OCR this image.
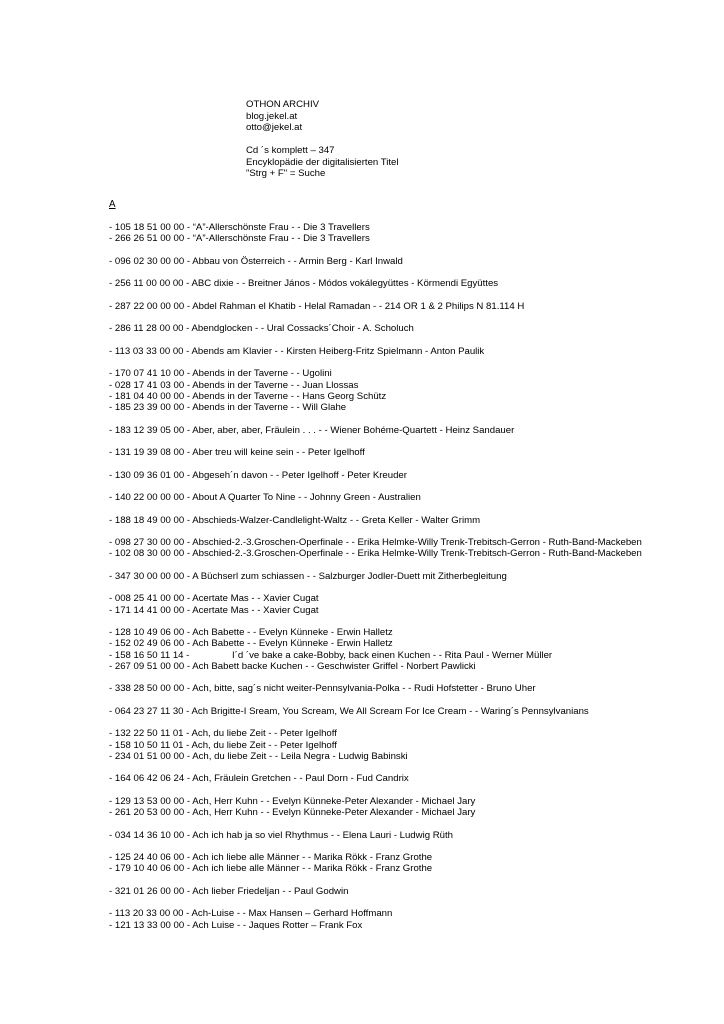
OTHON ARCHIV
blog.jekel.at
otto@jekel.at
Cd ´s komplett – 347
Encyklopädie der digitalisierten Titel
"Strg + F" = Suche
A
- 105 18 51 00 00 - “A”-Allerschönste Frau - - Die 3 Travellers
- 266 26 51 00 00 - “A”-Allerschönste Frau - - Die 3 Travellers
- 096 02 30 00 00 - Abbau von Österreich - - Armin Berg - Karl Inwald
- 256 11 00 00 00 - ABC dixie - - Breitner János - Módos vokálegyüttes - Körmendi Együttes
- 287 22 00 00 00 - Abdel Rahman el Khatib - Helal Ramadan - - 214 OR 1 & 2 Philips N 81.114 H
- 286 11 28 00 00 - Abendglocken - - Ural Cossacks´Choir - A. Scholuch
- 113 03 33 00 00 - Abends am Klavier - - Kirsten Heiberg-Fritz Spielmann - Anton Paulik
- 170 07 41 10 00 - Abends in der Taverne - - Ugolini
- 028 17 41 03 00 - Abends in der Taverne - - Juan Llossas
- 181 04 40 00 00 - Abends in der Taverne - - Hans Georg Schütz
- 185 23 39 00 00 - Abends in der Taverne - - Will Glahe
- 183 12 39 05 00 - Aber, aber, aber, Fräulein . . . - - Wiener Bohéme-Quartett - Heinz Sandauer
- 131 19 39 08 00 - Aber treu will keine sein - - Peter Igelhoff
- 130 09 36 01 00 - Abgeseh´n davon - - Peter Igelhoff - Peter Kreuder
- 140 22 00 00 00 - About A Quarter To Nine - - Johnny Green - Australien
- 188 18 49 00 00 - Abschieds-Walzer-Candlelight-Waltz - - Greta Keller - Walter Grimm
- 098 27 30 00 00 - Abschied-2.-3.Groschen-Operfinale - - Erika Helmke-Willy Trenk-Trebitsch-Gerron - Ruth-Band-Mackeben
- 102 08 30 00 00 - Abschied-2.-3.Groschen-Operfinale - - Erika Helmke-Willy Trenk-Trebitsch-Gerron - Ruth-Band-Mackeben
- 347 30 00 00 00 - A Büchserl zum schiassen - - Salzburger Jodler-Duett mit Zitherbegleitung
- 008 25 41 00 00 - Acertate Mas - - Xavier Cugat
- 171 14 41 00 00 - Acertate Mas - - Xavier Cugat
- 128 10 49 06 00 - Ach Babette - - Evelyn Künneke - Erwin Halletz
- 152 02 49 06 00 - Ach Babette - - Evelyn Künneke - Erwin Halletz
- 158 16 50 11 14 -                I´d ´ve bake a cake-Bobby, back einen Kuchen - - Rita Paul - Werner Müller
- 267 09 51 00 00 - Ach Babett backe Kuchen - - Geschwister Griffel - Norbert Pawlicki
- 338 28 50 00 00 - Ach, bitte, sag´s nicht weiter-Pennsylvania-Polka - - Rudi Hofstetter - Bruno Uher
- 064 23 27 11 30 - Ach Brigitte-I Sream, You Scream, We All Scream For Ice Cream - - Waring´s Pennsylvanians
- 132 22 50 11 01 - Ach, du liebe Zeit - - Peter Igelhoff
- 158 10 50 11 01 - Ach, du liebe Zeit - - Peter Igelhoff
- 234 01 51 00 00 - Ach, du liebe Zeit - - Leila Negra - Ludwig Babinski
- 164 06 42 06 24 - Ach, Fräulein Gretchen - - Paul Dorn - Fud Candrix
- 129 13 53 00 00 - Ach, Herr Kuhn - - Evelyn Künneke-Peter Alexander - Michael Jary
- 261 20 53 00 00 - Ach, Herr Kuhn - - Evelyn Künneke-Peter Alexander - Michael Jary
- 034 14 36 10 00 - Ach ich hab ja so viel Rhythmus - - Elena Lauri - Ludwig Rüth
- 125 24 40 06 00 - Ach ich liebe alle Männer - - Marika Rökk - Franz Grothe
- 179 10 40 06 00 - Ach ich liebe alle Männer - - Marika Rökk - Franz Grothe
- 321 01 26 00 00 - Ach lieber Friedeljan - - Paul Godwin
- 113 20 33 00 00 - Ach-Luise - - Max Hansen – Gerhard Hoffmann
- 121 13 33 00 00 - Ach Luise - - Jaques Rotter – Frank Fox
